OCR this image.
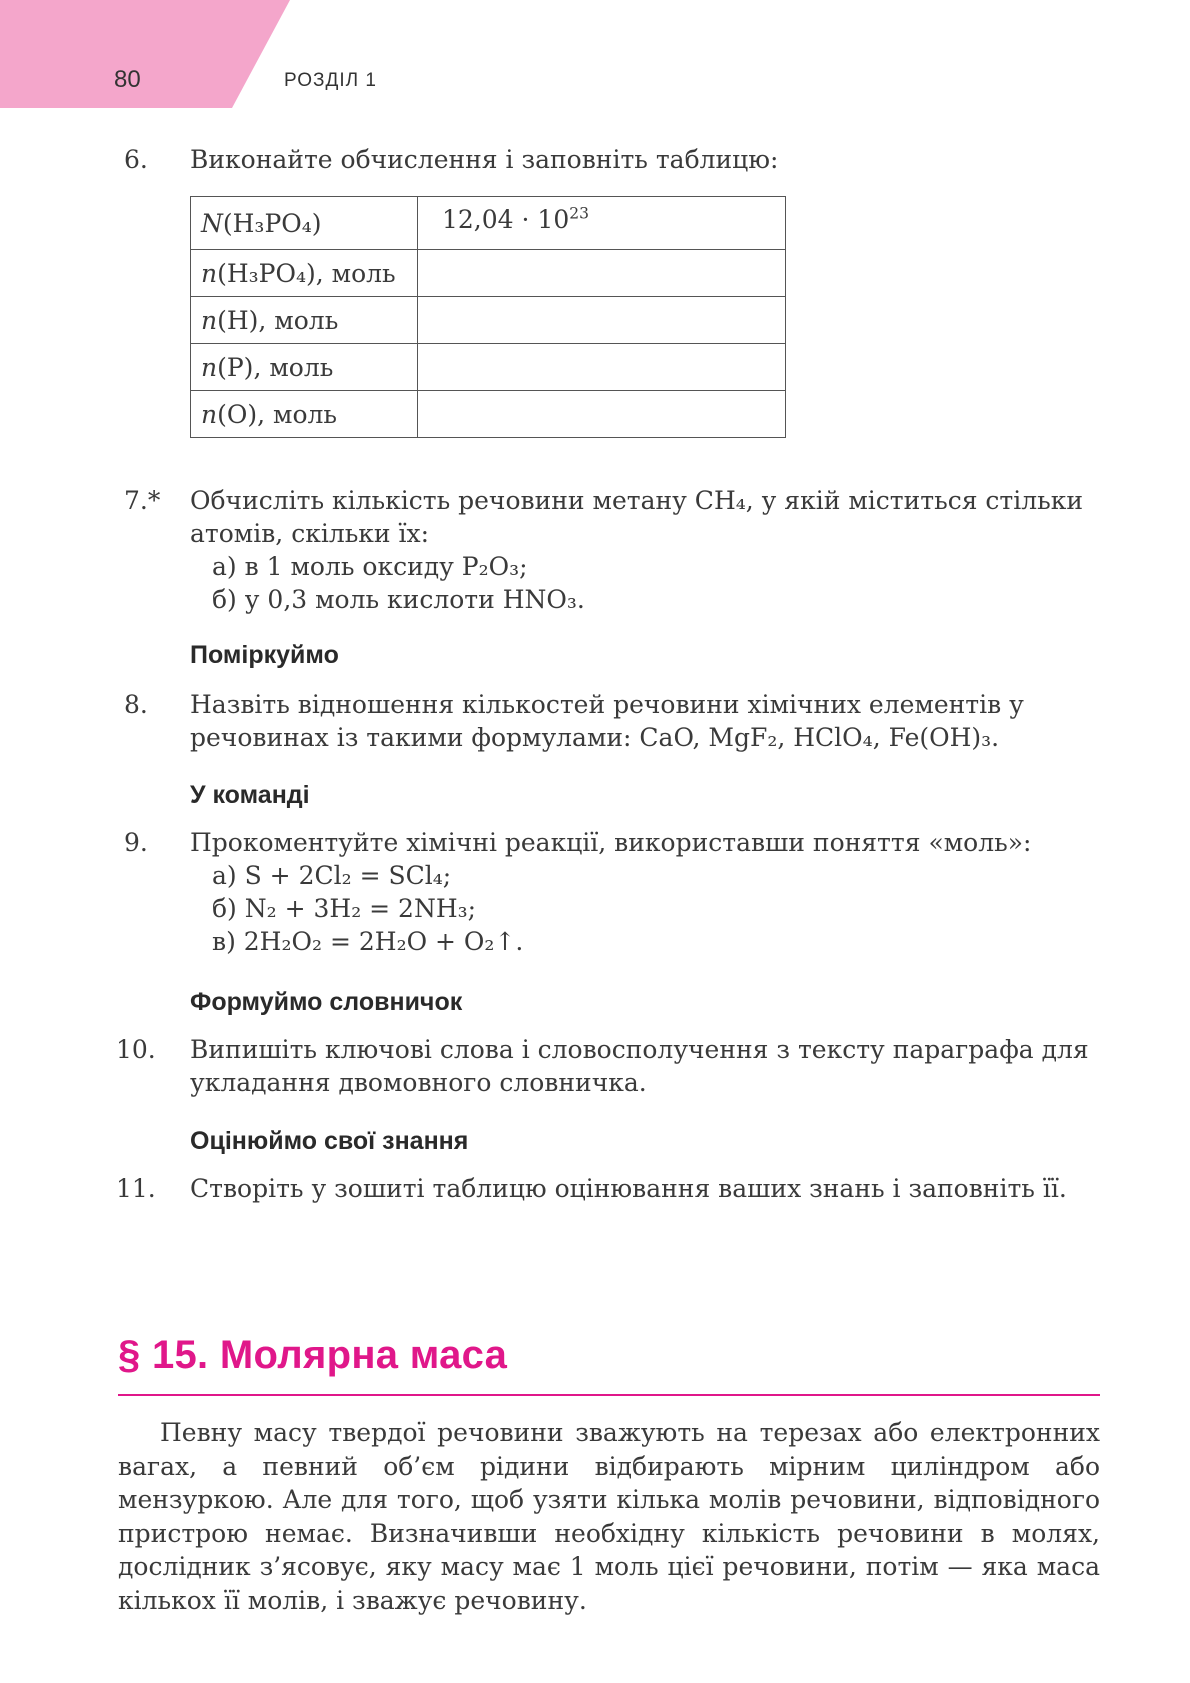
80	РОЗДІЛ 1
6. Виконайте обчислення і заповніть таблицю:
N(H₃PO₄)	$12,04 \cdot 10^{23}$
n(H₃PO₄), моль	
n(H), моль	
n(P), моль	
n(O), моль	
7.* Обчисліть кількість речовини метану CH₄, у якій міститься стільки атомів, скільки їх:
а) в 1 моль оксиду P₂O₃;
б) у 0,3 моль кислоти HNO₃.
Поміркуймо
8. Назвіть відношення кількостей речовини хімічних елементів у речовинах із такими формулами: CaO, MgF₂, HClO₄, Fe(OH)₃.
У команді
9. Прокоментуйте хімічні реакції, використавши поняття «моль»:
а) S + 2Cl₂ = SCl₄;
б) N₂ + 3H₂ = 2NH₃;
в) 2H₂O₂ = 2H₂O + O₂↑.
Формуймо словничок
10. Випишіть ключові слова і словосполучення з тексту параграфа для укладання двомовного словничка.
Оцінюймо свої знання
11. Створіть у зошиті таблицю оцінювання ваших знань і заповніть її.
§ 15. Молярна маса
Певну масу твердої речовини зважують на терезах або електронних вагах, а певний об’єм рідини відбирають мірним циліндром або мензуркою. Але для того, щоб узяти кілька молів речовини, відповідного пристрою немає. Визначивши необхідну кількість речовини в молях, дослідник з’ясовує, яку масу має 1 моль цієї речовини, потім — яка маса кількох її молів, і зважує речовину.
